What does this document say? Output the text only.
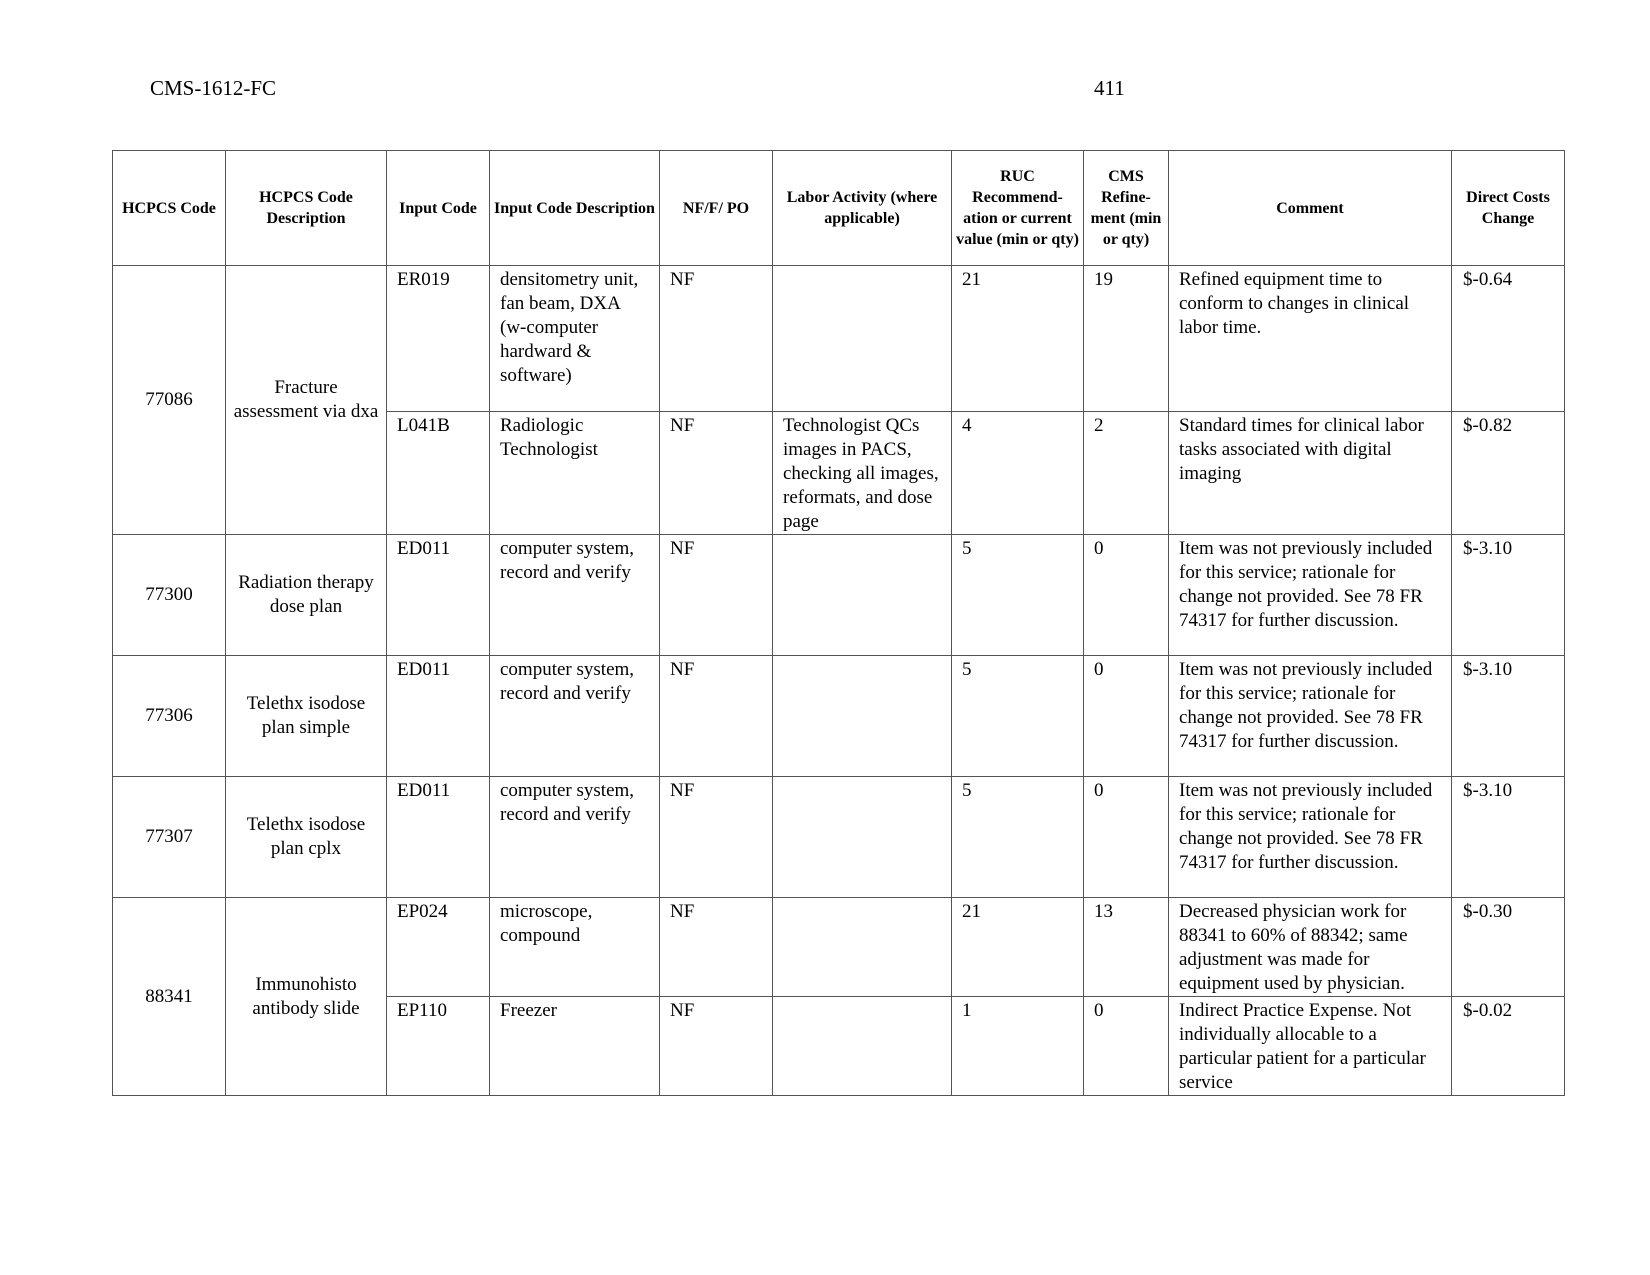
CMS-1612-FC	411
HCPCS Code	HCPCS Code Description	Input Code	Input Code Description	NF/F/ PO	Labor Activity (where applicable)	RUC Recommend-ation or current value (min or qty)	CMS Refine-ment (min or qty)	Comment	Direct Costs Change
77086	Fracture assessment via dxa	ER019	densitometry unit, fan beam, DXA (w-computer hardward & software)	NF		21	19	Refined equipment time to conform to changes in clinical labor time.	$-0.64
		L041B	Radiologic Technologist	NF	Technologist QCs images in PACS, checking all images, reformats, and dose page	4	2	Standard times for clinical labor tasks associated with digital imaging	$-0.82
77300	Radiation therapy dose plan	ED011	computer system, record and verify	NF		5	0	Item was not previously included for this service; rationale for change not provided. See 78 FR 74317 for further discussion.	$-3.10
77306	Telethx isodose plan simple	ED011	computer system, record and verify	NF		5	0	Item was not previously included for this service; rationale for change not provided. See 78 FR 74317 for further discussion.	$-3.10
77307	Telethx isodose plan cplx	ED011	computer system, record and verify	NF		5	0	Item was not previously included for this service; rationale for change not provided. See 78 FR 74317 for further discussion.	$-3.10
88341	Immunohisto antibody slide	EP024	microscope, compound	NF		21	13	Decreased physician work for 88341 to 60% of 88342; same adjustment was made for equipment used by physician.	$-0.30
		EP110	Freezer	NF		1	0	Indirect Practice Expense. Not individually allocable to a particular patient for a particular service	$-0.02
